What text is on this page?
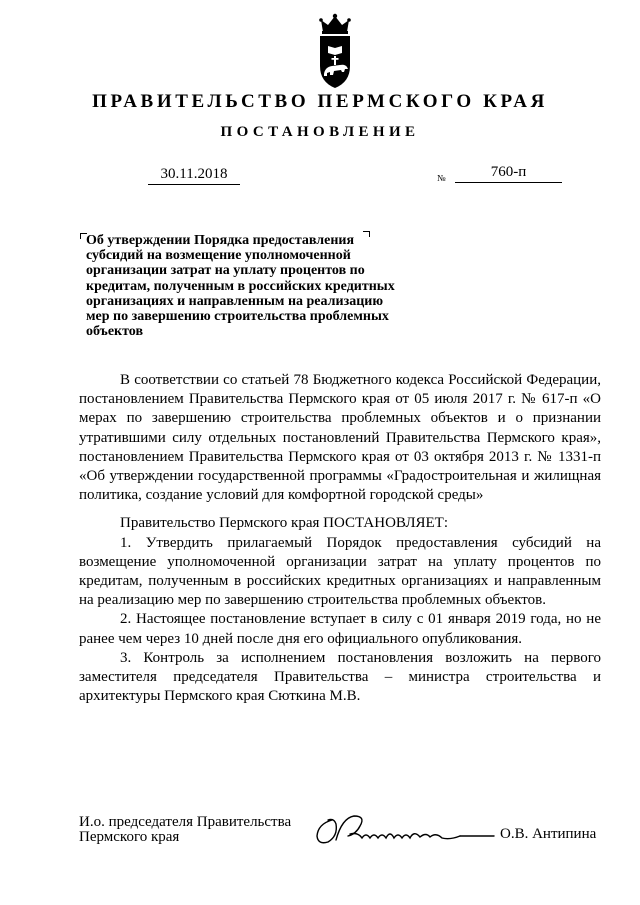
ПРАВИТЕЛЬСТВО ПЕРМСКОГО КРАЯ
ПОСТАНОВЛЕНИЕ
30.11.2018	№	760-п
Об утверждении Порядка предоставления субсидий на возмещение уполномоченной организации затрат на уплату процентов по кредитам, полученным в российских кредитных организациях и направленным на реализацию мер по завершению строительства проблемных объектов

В соответствии со статьей 78 Бюджетного кодекса Российской Федерации, постановлением Правительства Пермского края от 05 июля 2017 г. № 617-п «О мерах по завершению строительства проблемных объектов и о признании утратившими силу отдельных постановлений Правительства Пермского края», постановлением Правительства Пермского края от 03 октября 2013 г. № 1331-п «Об утверждении государственной программы «Градостроительная и жилищная политика, создание условий для комфортной городской среды»

Правительство Пермского края ПОСТАНОВЛЯЕТ:

1. Утвердить прилагаемый Порядок предоставления субсидий на возмещение уполномоченной организации затрат на уплату процентов по кредитам, полученным в российских кредитных организациях и направленным на реализацию мер по завершению строительства проблемных объектов.

2. Настоящее постановление вступает в силу с 01 января 2019 года, но не ранее чем через 10 дней после дня его официального опубликования.

3. Контроль за исполнением постановления возложить на первого заместителя председателя Правительства – министра строительства и архитектуры Пермского края Сюткина М.В.

И.о. председателя Правительства Пермского края	О.В. Антипина
